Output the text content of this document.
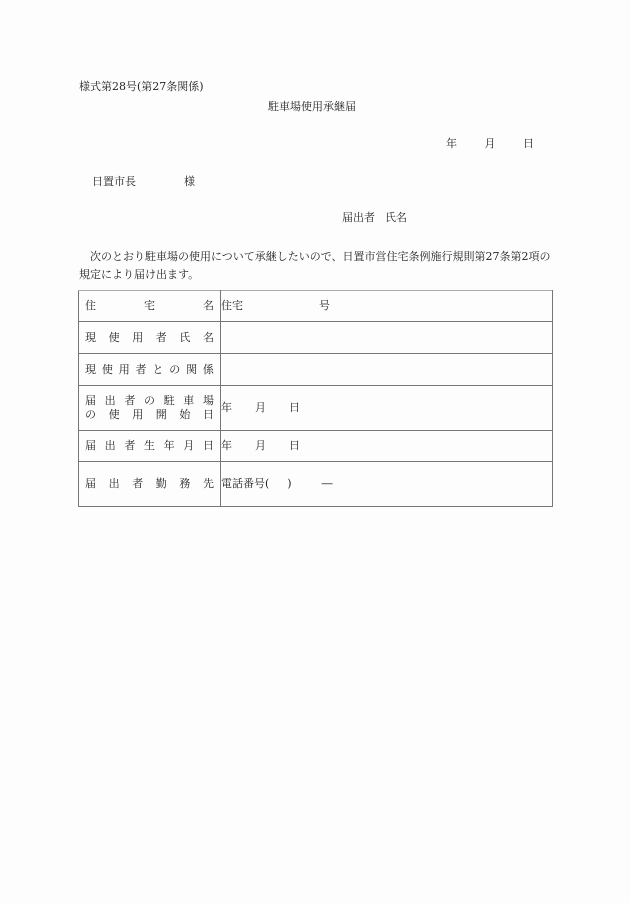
様式第28号(第27条関係)
駐車場使用承継届
年	月	日
日置市長	様
届出者 氏名
次のとおり駐車場の使用について承継したいので、日置市営住宅条例施行規則第27条第2項の規定により届け出ます。
住 宅 名	住宅 号

現 使 用 者 氏 名

現 使 用 者 と の 関 係

届 出 者 の 駐 車 場
の 使 用 開 始 日
	年 月 日

届 出 者 生 年 月 日	年 月 日

届 出 者 勤 務 先	電話番号( )	―
